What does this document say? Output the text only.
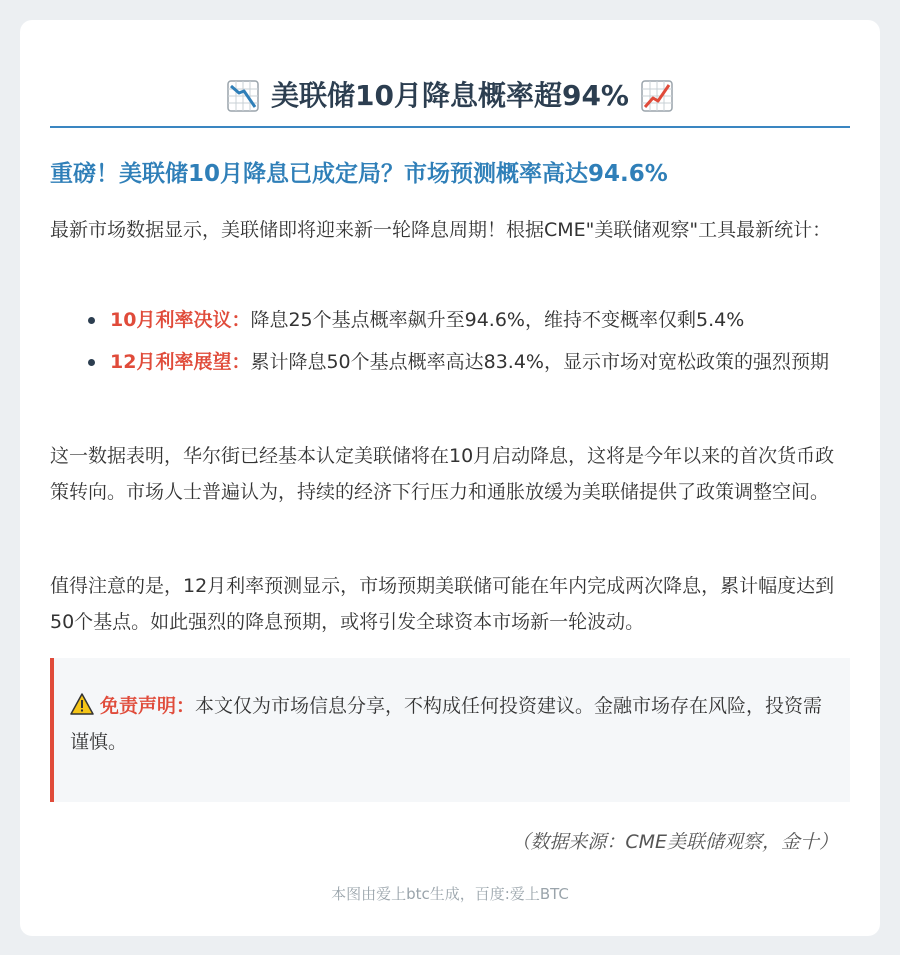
美联储10月降息概率超94%
重磅！美联储10月降息已成定局？市场预测概率高达94.6%

最新市场数据显示，美联储即将迎来新一轮降息周期！根据CME"美联储观察"工具最新统计：

10月利率决议：降息25个基点概率飙升至94.6%，维持不变概率仅剩5.4%
12月利率展望：累计降息50个基点概率高达83.4%，显示市场对宽松政策的强烈预期

这一数据表明，华尔街已经基本认定美联储将在10月启动降息，这将是今年以来的首次货币政策转向。市场人士普遍认为，持续的经济下行压力和通胀放缓为美联储提供了政策调整空间。

值得注意的是，12月利率预测显示，市场预期美联储可能在年内完成两次降息，累计幅度达到50个基点。如此强烈的降息预期，或将引发全球资本市场新一轮波动。

免责声明：本文仅为市场信息分享，不构成任何投资建议。金融市场存在风险，投资需谨慎。
（数据来源：CME美联储观察，金十）
本图由爱上btc生成，百度:爱上BTC
